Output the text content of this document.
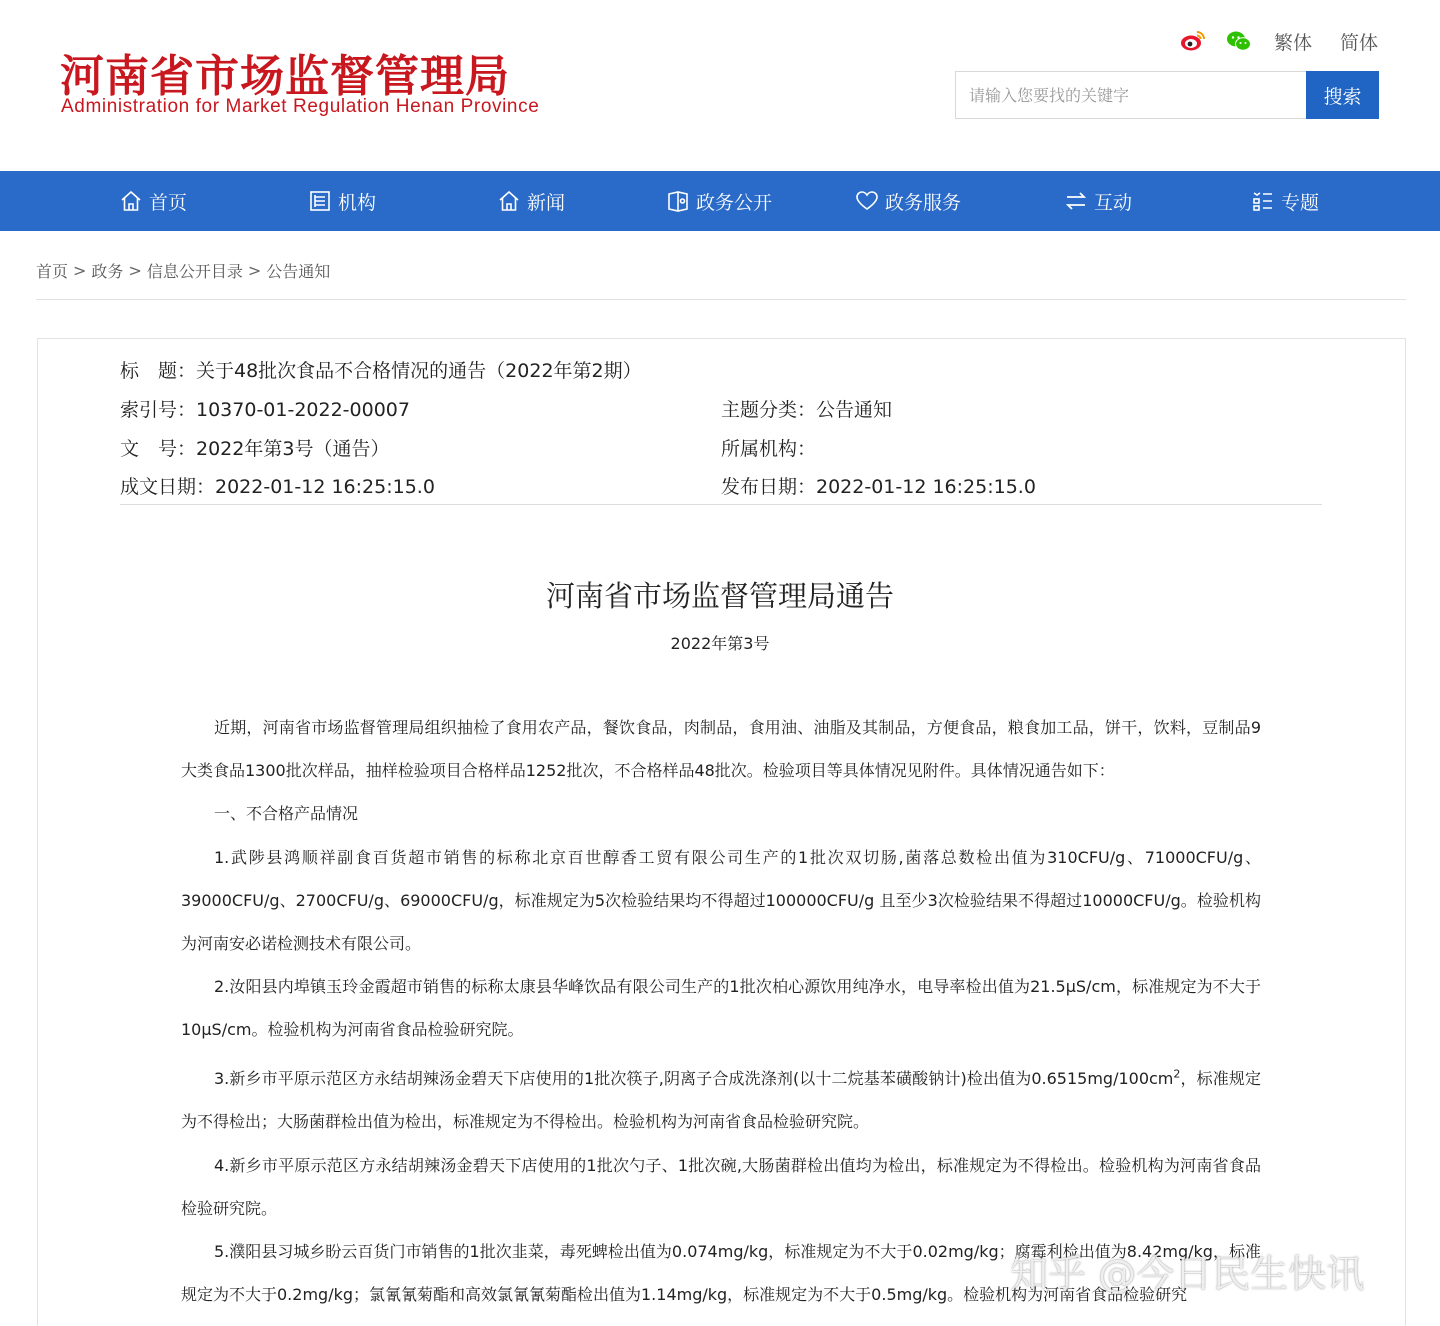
河南省市场监督管理局
Administration for Market Regulation Henan Province
繁体 简体
请输入您要找的关键字
搜索
首页	机构	新闻	政务公开	政务服务	互动	专题
首页 > 政务 > 信息公开目录 > 公告通知
标　题：关于48批次食品不合格情况的通告（2022年第2期）
索引号：10370-01-2022-00007	主题分类：公告通知
文　号：2022年第3号（通告）	所属机构：
成文日期：2022-01-12 16:25:15.0	发布日期：2022-01-12 16:25:15.0
河南省市场监督管理局通告
2022年第3号
近期，河南省市场监督管理局组织抽检了食用农产品，餐饮食品，肉制品，食用油、油脂及其制品，方便食品，粮食加工品，饼干，饮料，豆制品9大类食品1300批次样品，抽样检验项目合格样品1252批次，不合格样品48批次。检验项目等具体情况见附件。具体情况通告如下：
一、不合格产品情况
1.武陟县鸿顺祥副食百货超市销售的标称北京百世醇香工贸有限公司生产的1批次双切肠,菌落总数检出值为310CFU/g、71000CFU/g、39000CFU/g、2700CFU/g、69000CFU/g，标准规定为5次检验结果均不得超过100000CFU/g 且至少3次检验结果不得超过10000CFU/g。检验机构为河南安必诺检测技术有限公司。
2.汝阳县内埠镇玉玲金霞超市销售的标称太康县华峰饮品有限公司生产的1批次柏心源饮用纯净水，电导率检出值为21.5μS/cm，标准规定为不大于10μS/cm。检验机构为河南省食品检验研究院。
3.新乡市平原示范区方永结胡辣汤金碧天下店使用的1批次筷子,阴离子合成洗涤剂(以十二烷基苯磺酸钠计)检出值为$0.6515mg/100cm^2$，标准规定为不得检出；大肠菌群检出值为检出，标准规定为不得检出。检验机构为河南省食品检验研究院。
4.新乡市平原示范区方永结胡辣汤金碧天下店使用的1批次勺子、1批次碗,大肠菌群检出值均为检出，标准规定为不得检出。检验机构为河南省食品检验研究院。
5.濮阳县习城乡盼云百货门市销售的1批次韭菜，毒死蜱检出值为0.074mg/kg，标准规定为不大于0.02mg/kg；腐霉利检出值为8.42mg/kg，标准规定为不大于0.2mg/kg；氯氰氰菊酯和高效氯氰氰菊酯检出值为1.14mg/kg，标准规定为不大于0.5mg/kg。检验机构为河南省食品检验研究
知乎 @今日民生快讯
